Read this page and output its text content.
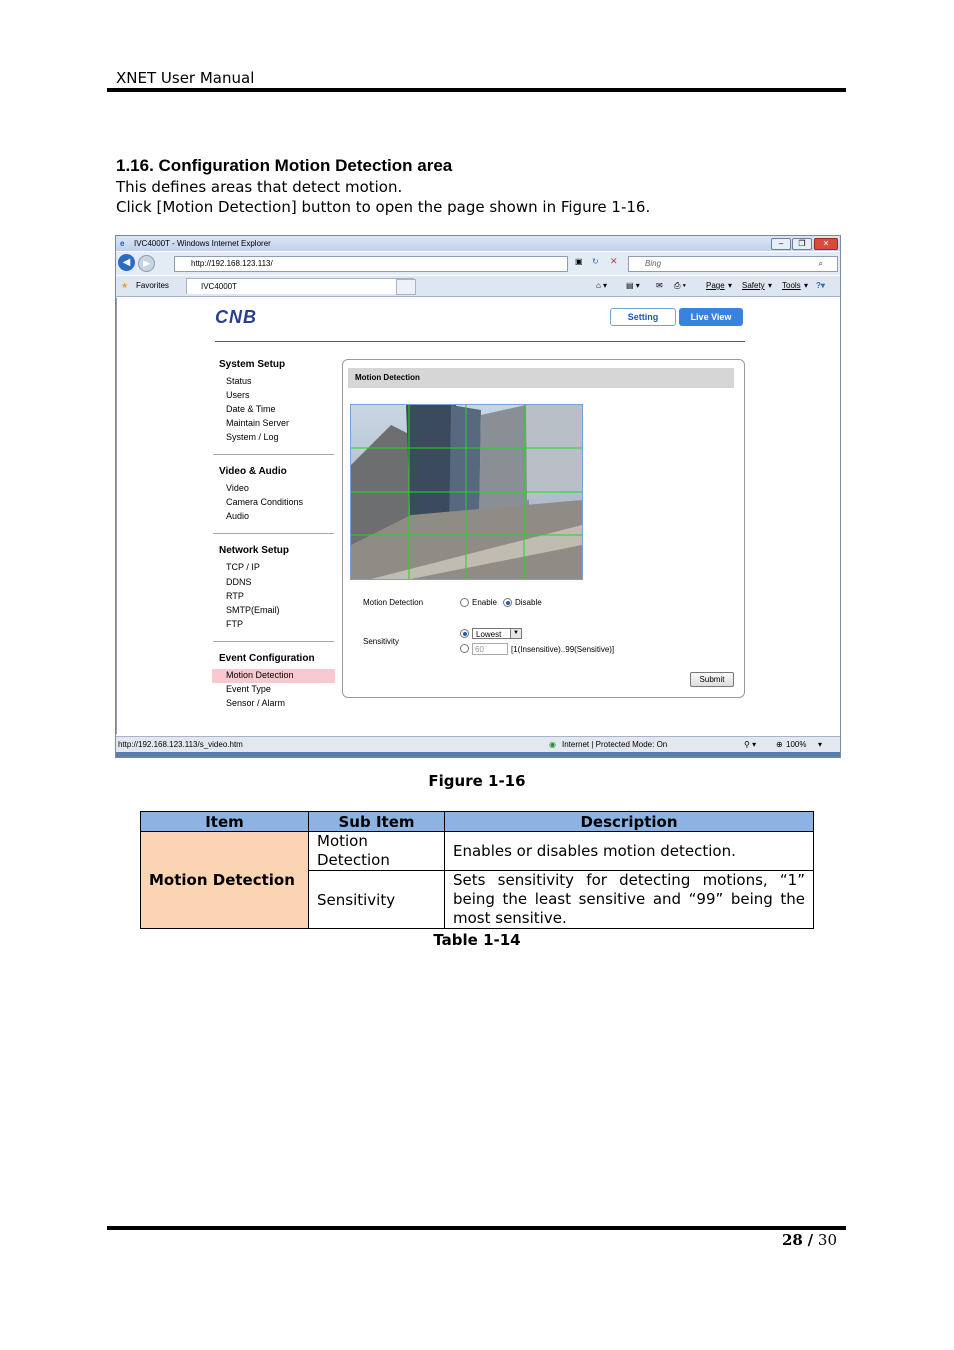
XNET User Manual
1.16. Configuration Motion Detection area
This defines areas that detect motion.
Click [Motion Detection] button to open the page shown in Figure 1-16.
e IVC4000T - Windows Internet Explorer	–	❐	✕
◀	▶	http://192.168.123.113/	▣ ↻ ✕	Bing	⌕
★ Favorites	IVC4000T	⌂ ▾ ▤ ▾ ✉ ⎙ ▾	Page ▾ Safety ▾ Tools ▾ ?▾
CNB	Setting	Live View
System Setup
Status
Users
Date & Time
Maintain Server
System / Log
Video & Audio
Video
Camera Conditions
Audio
Network Setup
TCP / IP
DDNS
RTP
SMTP(Email)
FTP
Event Configuration
Motion Detection
Event Type
Sensor / Alarm
Motion Detection
Motion Detection	Enable	Disable
Sensitivity
Lowest	▼
60	[1(Insensitive)..99(Sensitive)]
Submit
http://192.168.123.113/s_video.htm	◉ Internet | Protected Mode: On	⚲ ▾ ⊕ 100% ▾
Figure 1-16
Item	Sub Item	Description
Motion Detection	Motion Detection	Enables or disables motion detection.
	Sensitivity	Sets sensitivity for detecting motions, “1” being the least sensitive and “99” being the most sensitive.
Table 1-14
28 / 30
